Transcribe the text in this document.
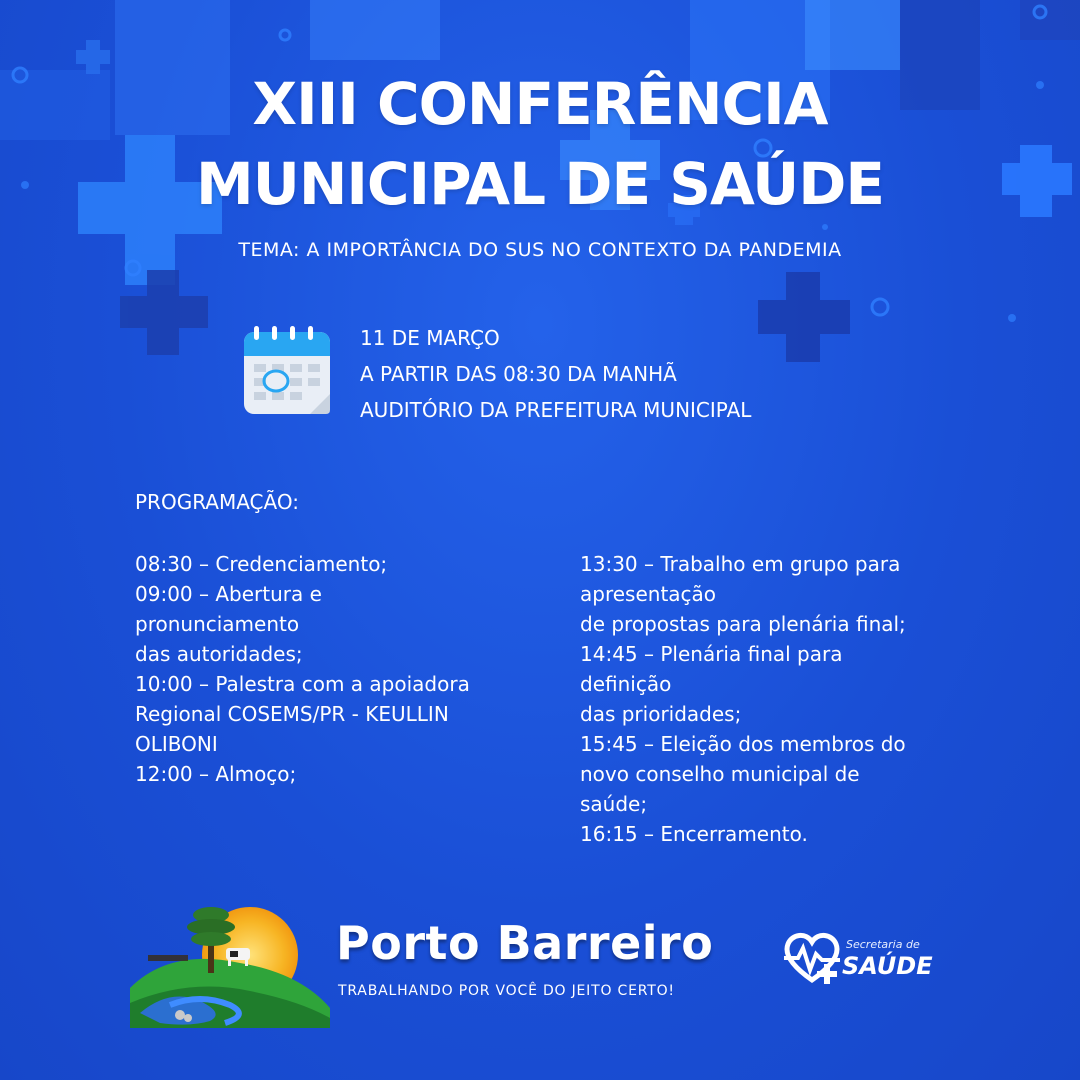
XIII CONFERÊNCIA
MUNICIPAL DE SAÚDE
TEMA: A IMPORTÂNCIA DO SUS NO CONTEXTO DA PANDEMIA
11 DE MARÇO
A PARTIR DAS 08:30 DA MANHÃ
AUDITÓRIO DA PREFEITURA MUNICIPAL
PROGRAMAÇÃO:
08:30 – Credenciamento;
09:00 – Abertura e
pronunciamento
das autoridades;
10:00 – Palestra com a apoiadora
Regional COSEMS/PR - KEULLIN
OLIBONI
12:00 – Almoço;
13:30 – Trabalho em grupo para
apresentação
de propostas para plenária final;
14:45 – Plenária final para
definição
das prioridades;
15:45 – Eleição dos membros do
novo conselho municipal de
saúde;
16:15 – Encerramento.
Porto Barreiro
TRABALHANDO POR VOCÊ DO JEITO CERTO!
Secretaria de
SAÚDE
